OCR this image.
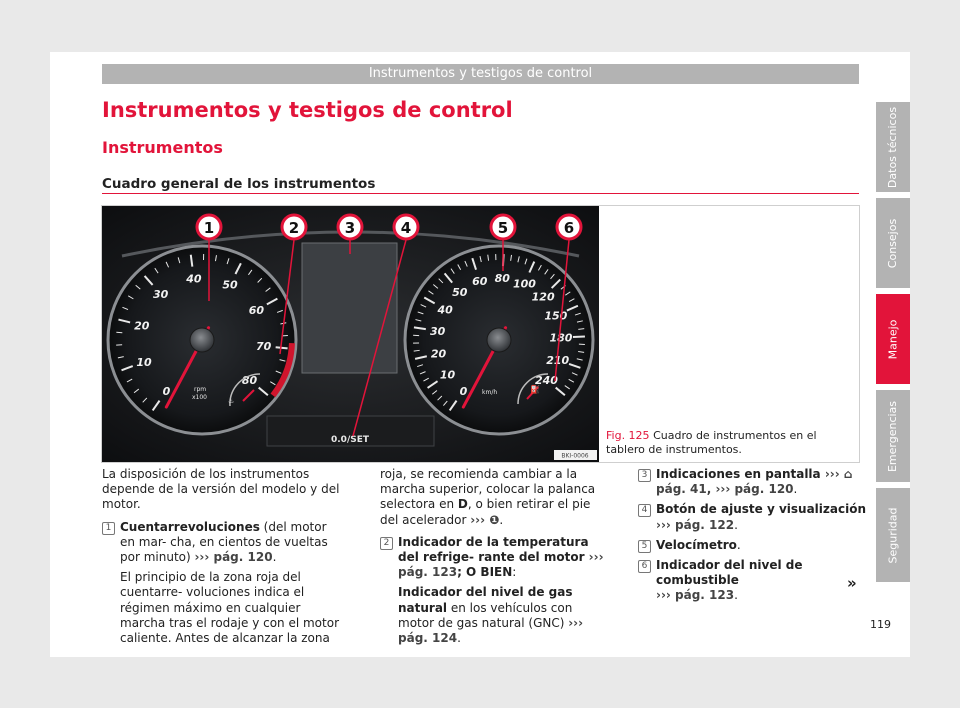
Instrumentos y testigos de control
Instrumentos y testigos de control
Instrumentos
Cuadro general de los instrumentos
0
10
20
30
40 50
60
70
80
rpm
x100	♨
0
10
20
30
40
50
60 80 100
120
150
180
210
240
km/h	⛽
0.0/SET
1	2	3	4	5	6
BKI-0006
Fig. 125 Cuadro de instrumentos en el tablero de instrumentos.

La disposición de los instrumentos depende de la versión del modelo y del motor.

1 Cuentarrevoluciones (del motor en mar- cha, en cientos de vueltas por minuto) ››› pág. 120.

El principio de la zona roja del cuentarre- voluciones indica el régimen máximo en cualquier marcha tras el rodaje y con el motor caliente. Antes de alcanzar la zona

roja, se recomienda cambiar a la marcha superior, colocar la palanca selectora en D, o bien retirar el pie del acelerador ››› ❶.

2 Indicador de la temperatura del refrige- rante del motor ››› pág. 123; O BIEN:
Indicador del nivel de gas natural en los vehículos con motor de gas natural (GNC) ››› pág. 124.
3 Indicaciones en pantalla ››› ⌂ pág. 41, ››› pág. 120.
4 Botón de ajuste y visualización
››› pág. 122.
5 Velocímetro.
6 Indicador del nivel de combustible
››› pág. 123.
»
119
Datos técnicos
Consejos
Manejo
Emergencias
Seguridad
